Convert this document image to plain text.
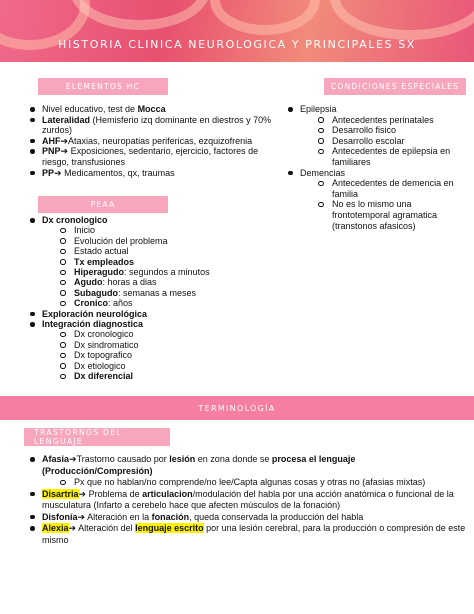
HISTORIA CLINICA NEUROLOGICA Y PRINCIPALES SX
ELEMENTOS HC	CONDICIONES ESPECIALES
PEAA
Nivel educativo, test de Mocca
Lateralidad (Hemisferio izq dominante en diestros y 70% zurdos)
AHF➔Ataxias, neuropatias perifericas, ezquizofrenia
PNP➔ Exposiciones, sedentario, ejercicio, factores de riesgo, transfusiones
PP➔ Medicamentos, qx, traumas
Epilepsia
Antecedentes perinatales
Desarrollo fisico
Desarrollo escolar
Antecedentes de epilepsia en familiares
Demencias
Antecedentes de demencia en familia
No es lo mismo una frontotemporal agramatica (transtonos afasicos)
Dx cronologico
Inicio
Evolución del problema
Estado actual
Tx empleados
Hiperagudo: segundos a minutos
Agudo: horas a dias
Subagudo: semanas a meses
Cronico: años
Exploración neurológica
Integración diagnostica
Dx cronologico
Dx sindromatico
Dx topografico
Dx etiologico
Dx diferencial
TERMINOLOGÍA
TRASTORNOS DEL LENGUAJE
Afasia➔Trastorno causado por lesión en zona donde se procesa el lenguaje (Producción/Compresión)
Px que no hablan/no comprende/no lee/Capta algunas cosas y otras no (afasias mixtas)
Disartria➔ Problema de articulacion/modulación del habla por una acción anatómica o funcional de la musculatura (Infarto a cerebelo hace que afecten músculos de la fonación)
Disfonía➔ Alteración en la fonación, queda conservada la producción del habla
Alexia➔ Alteración del lenguaje escrito por una lesión cerebral, para la producción o compresión de este mismo
